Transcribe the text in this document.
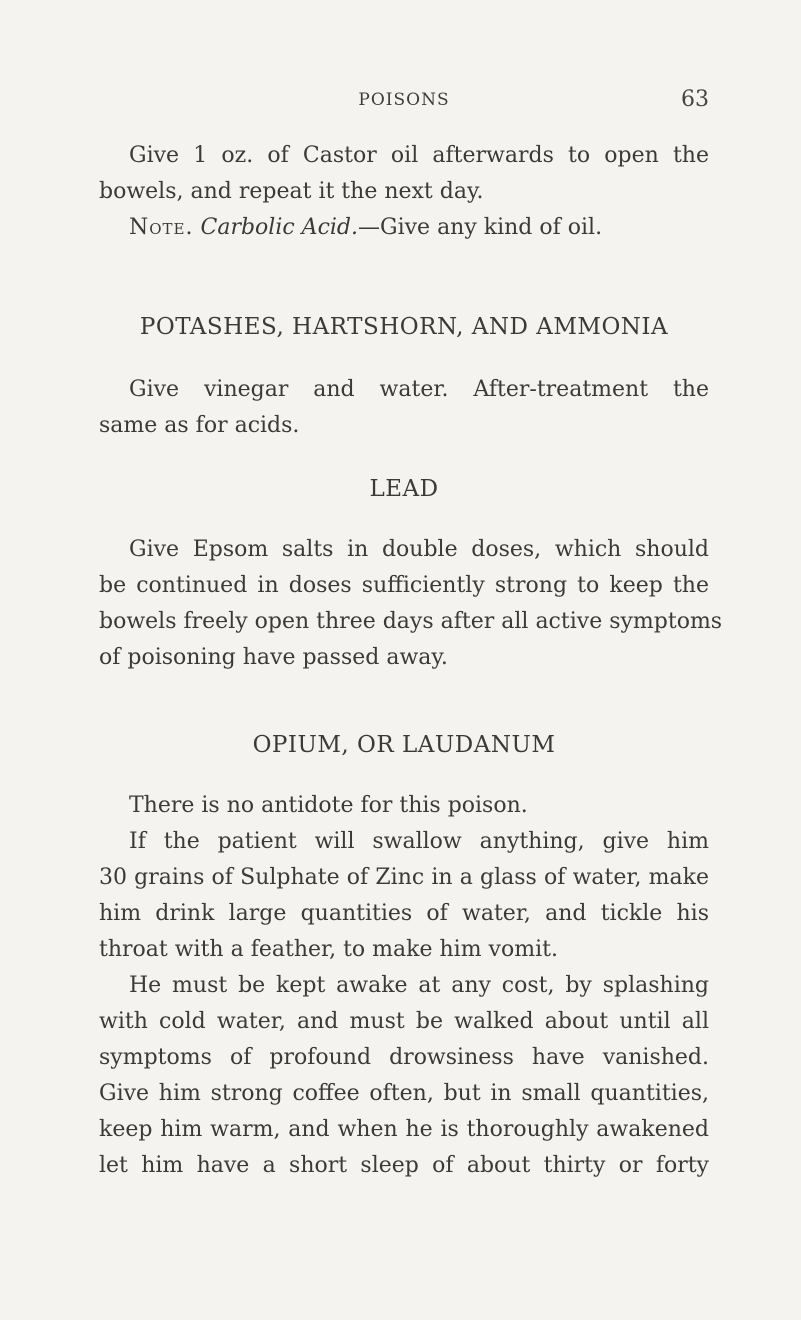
POISONS	63
Give 1 oz. of Castor oil afterwards to open the
bowels, and repeat it the next day.
Note. Carbolic Acid.—Give any kind of oil.
POTASHES, HARTSHORN, AND AMMONIA
Give vinegar and water. After-treatment the
same as for acids.
LEAD
Give Epsom salts in double doses, which should
be continued in doses sufficiently strong to keep the
bowels freely open three days after all active symptoms
of poisoning have passed away.
OPIUM, OR LAUDANUM
There is no antidote for this poison.
If the patient will swallow anything, give him
30 grains of Sulphate of Zinc in a glass of water, make
him drink large quantities of water, and tickle his
throat with a feather, to make him vomit.
He must be kept awake at any cost, by splashing
with cold water, and must be walked about until all
symptoms of profound drowsiness have vanished.
Give him strong coffee often, but in small quantities,
keep him warm, and when he is thoroughly awakened
let him have a short sleep of about thirty or forty
